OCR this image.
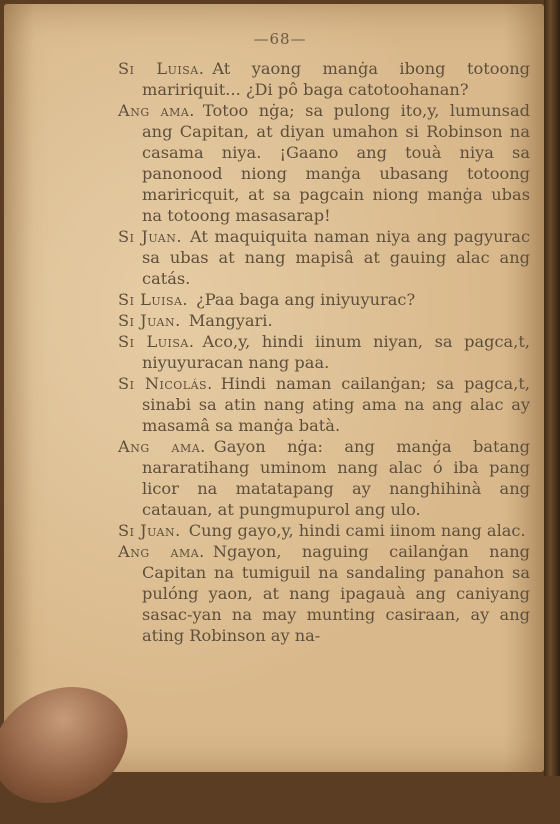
—68—

Si Luisa. At yaong manġa ibong totoong maririquit... ¿Di pô baga catotoohanan?

Ang ama. Totoo nġa; sa pulong ito,y, lumunsad ang Capitan, at diyan umahon si Robinson na casama niya. ¡Gaano ang touà niya sa panonood niong manġa ubasang totoong mariricquit, at sa pagcain niong manġa ubas na totoong masasarap!

Si Juan. At maquiquita naman niya ang pagyurac sa ubas at nang mapisâ at gauing alac ang catás.

Si Luisa. ¿Paa baga ang iniyuyurac?

Si Juan. Mangyari.

Si Luisa. Aco,y, hindi iinum niyan, sa pagca,t, niyuyuracan nang paa.

Si Nicolás. Hindi naman cailanġan; sa pagca,t, sinabi sa atin nang ating ama na ang alac ay masamâ sa manġa batà.

Ang ama. Gayon nġa: ang manġa batang nararatihang uminom nang alac ó iba pang licor na matatapang ay nanghihinà ang catauan, at pungmupurol ang ulo.

Si Juan. Cung gayo,y, hindi cami iinom nang alac.

Ang ama. Ngayon, naguing cailanġan nang Capitan na tumiguil na sandaling panahon sa pulóng yaon, at nang ipagauà ang caniyang sasac-yan na may munting casiraan, ay ang ating Robinson ay na-
